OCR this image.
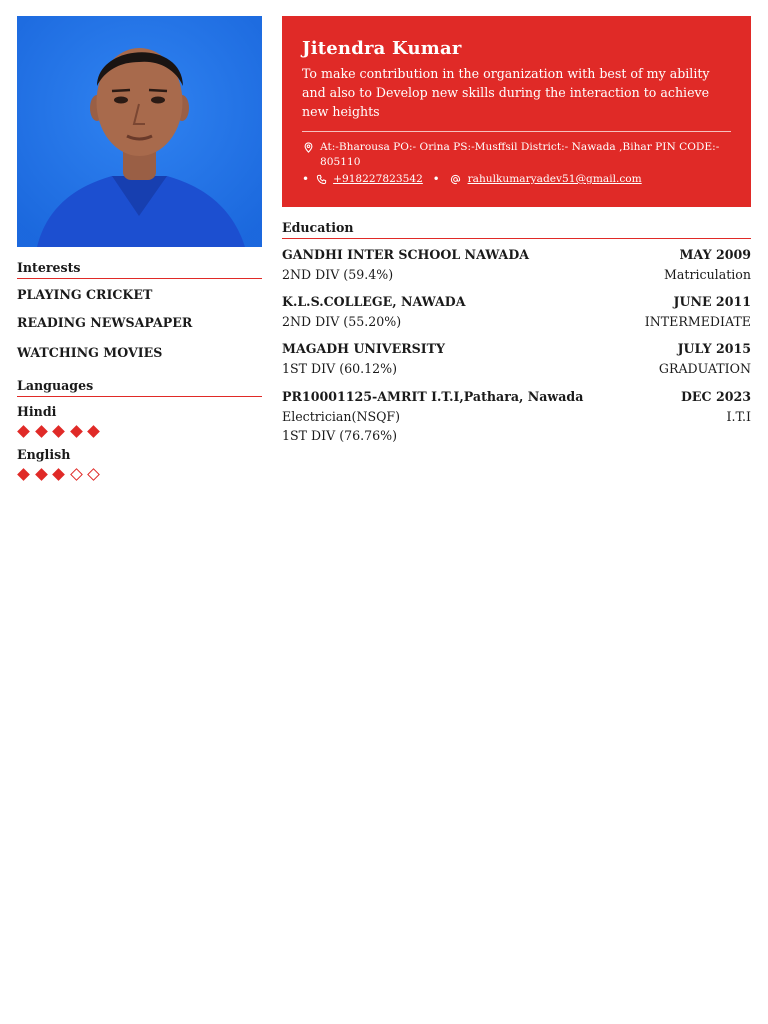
Jitendra Kumar
To make contribution in the organization with best of my ability and also to Develop new skills during the interaction to achieve new heights
At:-Bharousa PO:- Orina PS:-Musffsil District:- Nawada ,Bihar PIN CODE:- 805110
• +918227823542 • rahulkumaryadev51@gmail.com
Interests
PLAYING CRICKET
READING NEWSAPAPER
WATCHING MOVIES
Languages
Hindi
English
Education
GANDHI INTER SCHOOL NAWADA
2ND DIV (59.4%)
MAY 2009
Matriculation
K.L.S.COLLEGE, NAWADA
2ND DIV (55.20%)
JUNE 2011
INTERMEDIATE
MAGADH UNIVERSITY
1ST DIV (60.12%)
JULY 2015
GRADUATION
PR10001125-AMRIT I.T.I,Pathara, Nawada
Electrician(NSQF)
1ST DIV (76.76%)
DEC 2023
I.T.I
